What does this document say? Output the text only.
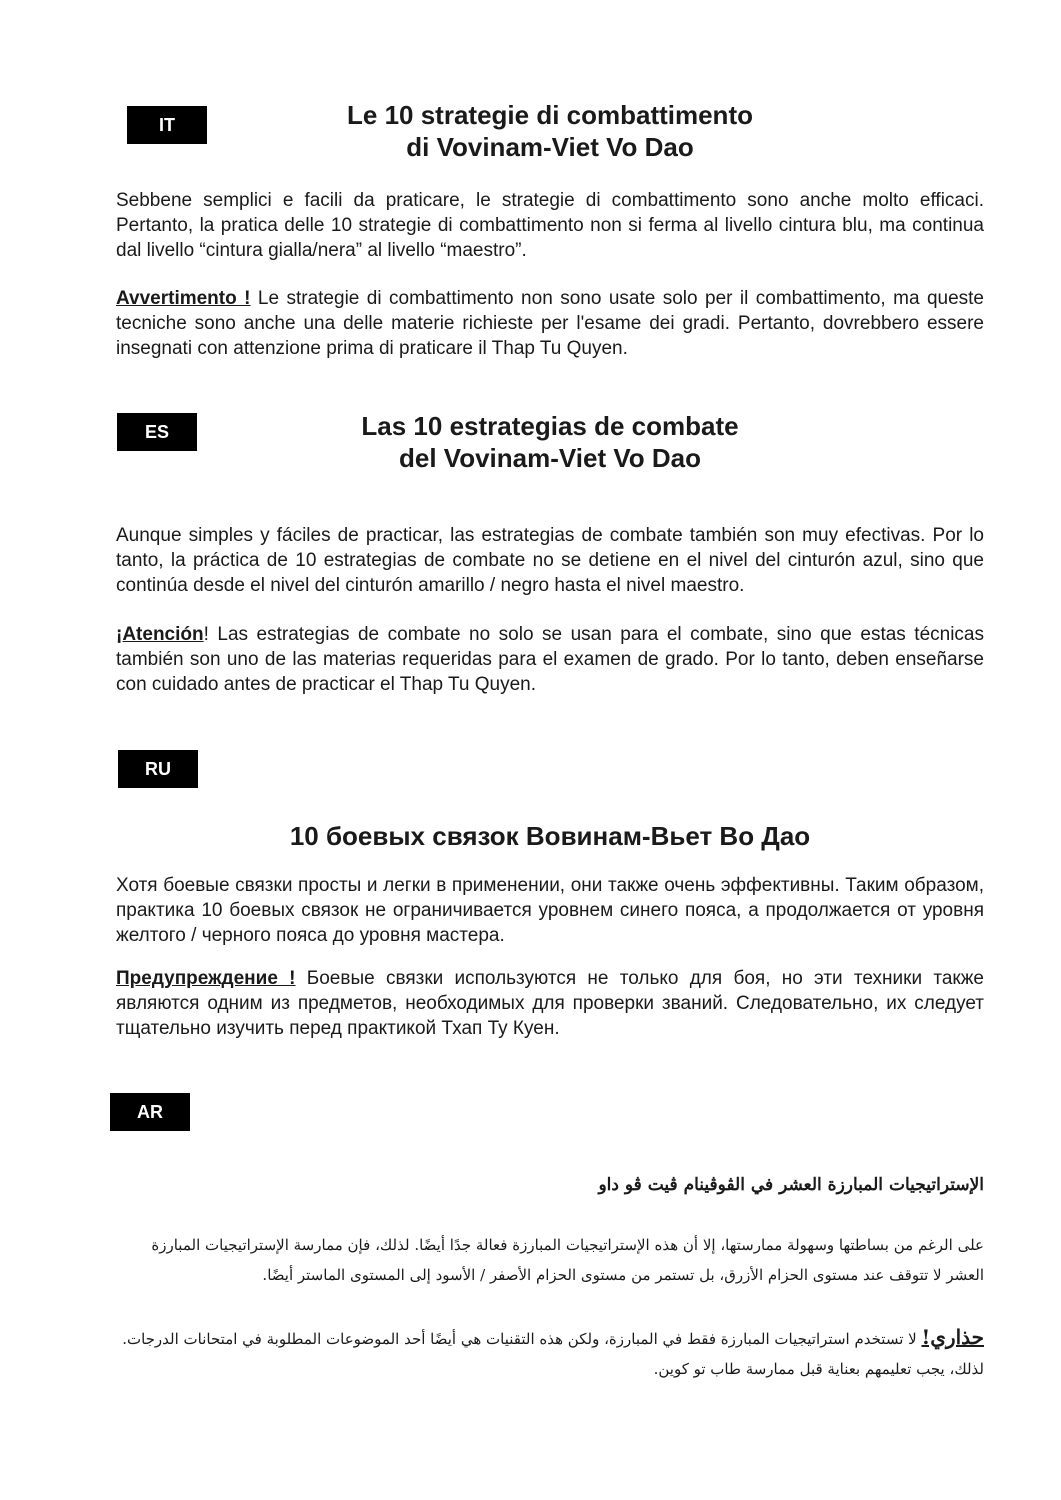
IT	Le 10 strategie di combattimento
di Vovinam-Viet Vo Dao

Sebbene semplici e facili da praticare, le strategie di combattimento sono anche molto efficaci. Pertanto, la pratica delle 10 strategie di combattimento non si ferma al livello cintura blu, ma continua dal livello “cintura gialla/nera” al livello “maestro”.

Avvertimento ! Le strategie di combattimento non sono usate solo per il combattimento, ma queste tecniche sono anche una delle materie richieste per l'esame dei gradi. Pertanto, dovrebbero essere insegnati con attenzione prima di praticare il Thap Tu Quyen.

ES	Las 10 estrategias de combate
del Vovinam-Viet Vo Dao

Aunque simples y fáciles de practicar, las estrategias de combate también son muy efectivas. Por lo tanto, la práctica de 10 estrategias de combate no se detiene en el nivel del cinturón azul, sino que continúa desde el nivel del cinturón amarillo / negro hasta el nivel maestro.

¡Atención! Las estrategias de combate no solo se usan para el combate, sino que estas técnicas también son uno de las materias requeridas para el examen de grado. Por lo tanto, deben enseñarse con cuidado antes de practicar el Thap Tu Quyen.

RU
10 боевых связок Вовинам-Вьет Во Дао

Хотя боевые связки просты и легки в применении, они также очень эффективны. Таким образом, практика 10 боевых связок не ограничивается уровнем синего пояса, а продолжается от уровня желтого / черного пояса до уровня мастера.

Предупреждение ! Боевые связки используются не только для боя, но эти техники также являются одним из предметов, необходимых для проверки званий. Следовательно, их следует тщательно изучить перед практикой Тхап Ту Куен.

AR

الإستراتيجيات المبارزة العشر في الڤوڤينام ڤيت ڤو داو

على الرغم من بساطتها وسهولة ممارستها، إلا أن هذه الإستراتيجيات المبارزة فعالة جدًا أيضًا. لذلك، فإن ممارسة الإستراتيجيات المبارزة العشر لا تتوقف عند مستوى الحزام الأزرق، بل تستمر من مستوى الحزام الأصفر / الأسود إلى المستوى الماستر أيضًا.

حذاري! لا تستخدم استراتيجيات المبارزة فقط في المبارزة، ولكن هذه التقنيات هي أيضًا أحد الموضوعات المطلوبة في امتحانات الدرجات. لذلك، يجب تعليمهم بعناية قبل ممارسة طاب تو كوين.
